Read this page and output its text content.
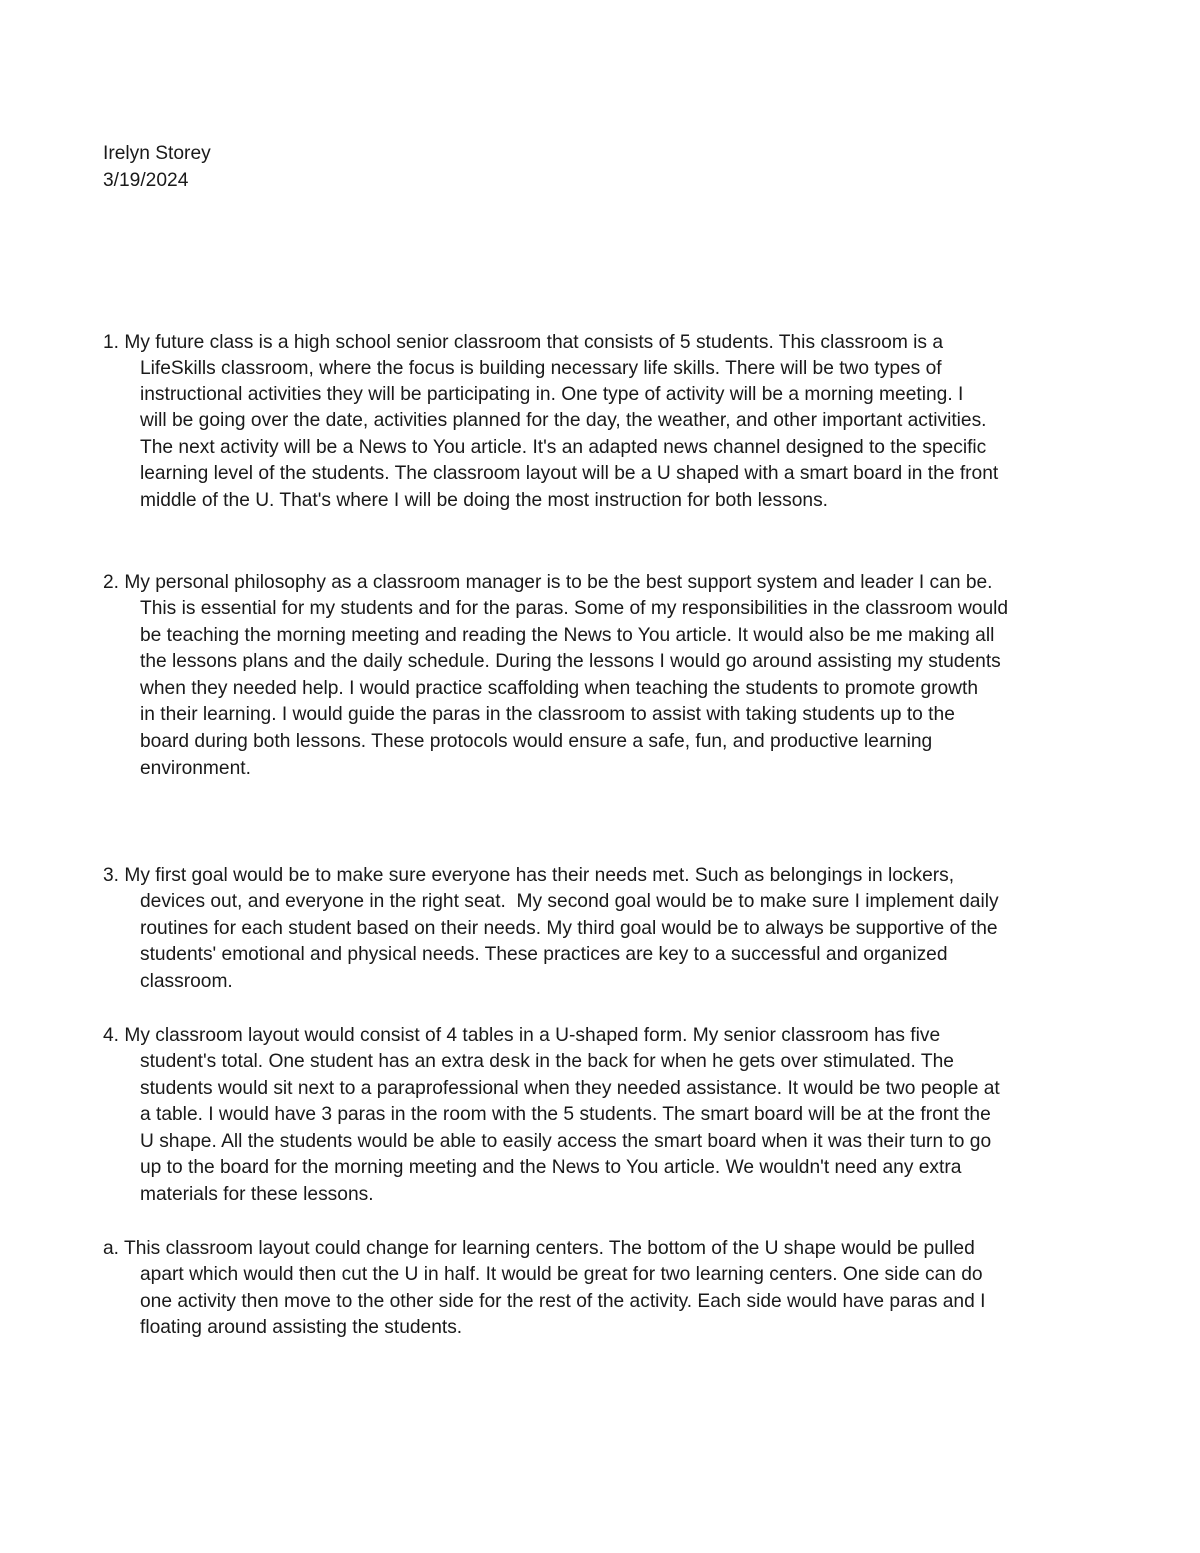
Irelyn Storey
3/19/2024
1. My future class is a high school senior classroom that consists of 5 students. This classroom is a
LifeSkills classroom, where the focus is building necessary life skills. There will be two types of
instructional activities they will be participating in. One type of activity will be a morning meeting. I
will be going over the date, activities planned for the day, the weather, and other important activities.
The next activity will be a News to You article. It's an adapted news channel designed to the specific
learning level of the students. The classroom layout will be a U shaped with a smart board in the front
middle of the U. That's where I will be doing the most instruction for both lessons.
2. My personal philosophy as a classroom manager is to be the best support system and leader I can be.
This is essential for my students and for the paras. Some of my responsibilities in the classroom would
be teaching the morning meeting and reading the News to You article. It would also be me making all
the lessons plans and the daily schedule. During the lessons I would go around assisting my students
when they needed help. I would practice scaffolding when teaching the students to promote growth
in their learning. I would guide the paras in the classroom to assist with taking students up to the
board during both lessons. These protocols would ensure a safe, fun, and productive learning
environment.
3. My first goal would be to make sure everyone has their needs met. Such as belongings in lockers,
devices out, and everyone in the right seat.  My second goal would be to make sure I implement daily
routines for each student based on their needs. My third goal would be to always be supportive of the
students' emotional and physical needs. These practices are key to a successful and organized
classroom.
4. My classroom layout would consist of 4 tables in a U-shaped form. My senior classroom has five
student's total. One student has an extra desk in the back for when he gets over stimulated. The
students would sit next to a paraprofessional when they needed assistance. It would be two people at
a table. I would have 3 paras in the room with the 5 students. The smart board will be at the front the
U shape. All the students would be able to easily access the smart board when it was their turn to go
up to the board for the morning meeting and the News to You article. We wouldn't need any extra
materials for these lessons.
a. This classroom layout could change for learning centers. The bottom of the U shape would be pulled
apart which would then cut the U in half. It would be great for two learning centers. One side can do
one activity then move to the other side for the rest of the activity. Each side would have paras and I
floating around assisting the students.
